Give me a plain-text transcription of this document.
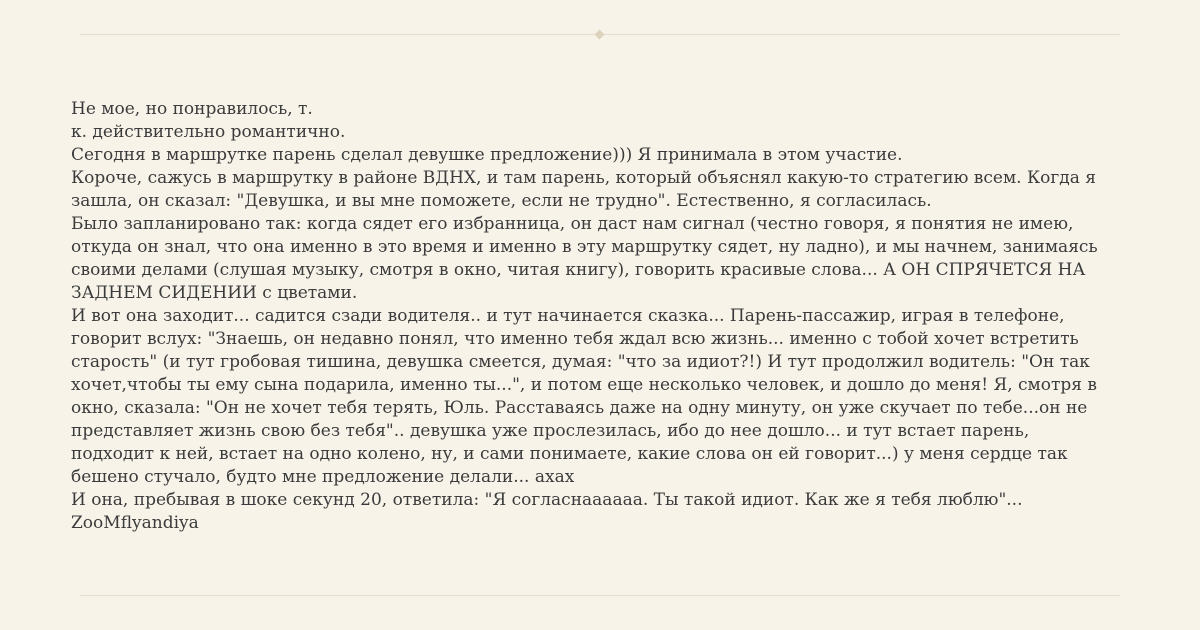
Не мое, но понравилось, т.
к. действительно романтично.
Сегодня в маршрутке парень сделал девушке предложение))) Я принимала в этом участие.
Короче, сажусь в маршрутку в районе ВДНХ, и там парень, который объяснял какую-то стратегию всем. Когда я
зашла, он сказал: "Девушка, и вы мне поможете, если не трудно". Естественно, я согласилась.
Было запланировано так: когда сядет его избранница, он даст нам сигнал (честно говоря, я понятия не имею,
откуда он знал, что она именно в это время и именно в эту маршрутку сядет, ну ладно), и мы начнем, занимаясь
своими делами (слушая музыку, смотря в окно, читая книгу), говорить красивые слова... А ОН СПРЯЧЕТСЯ НА
ЗАДНЕМ СИДЕНИИ с цветами.
И вот она заходит... садится сзади водителя.. и тут начинается сказка... Парень-пассажир, играя в телефоне,
говорит вслух: "Знаешь, он недавно понял, что именно тебя ждал всю жизнь... именно с тобой хочет встретить
старость" (и тут гробовая тишина, девушка смеется, думая: "что за идиот?!) И тут продолжил водитель: "Он так
хочет,чтобы ты ему сына подарила, именно ты...", и потом еще несколько человек, и дошло до меня! Я, смотря в
окно, сказала: "Он не хочет тебя терять, Юль. Расставаясь даже на одну минуту, он уже скучает по тебе...он не
представляет жизнь свою без тебя".. девушка уже прослезилась, ибо до нее дошло... и тут встает парень,
подходит к ней, встает на одно колено, ну, и сами понимаете, какие слова он ей говорит...) у меня сердце так
бешено стучало, будто мне предложение делали... ахах
И она, пребывая в шоке секунд 20, ответила: "Я согласнаааааа. Ты такой идиот. Как же я тебя люблю"...
ZooMflyandiya
